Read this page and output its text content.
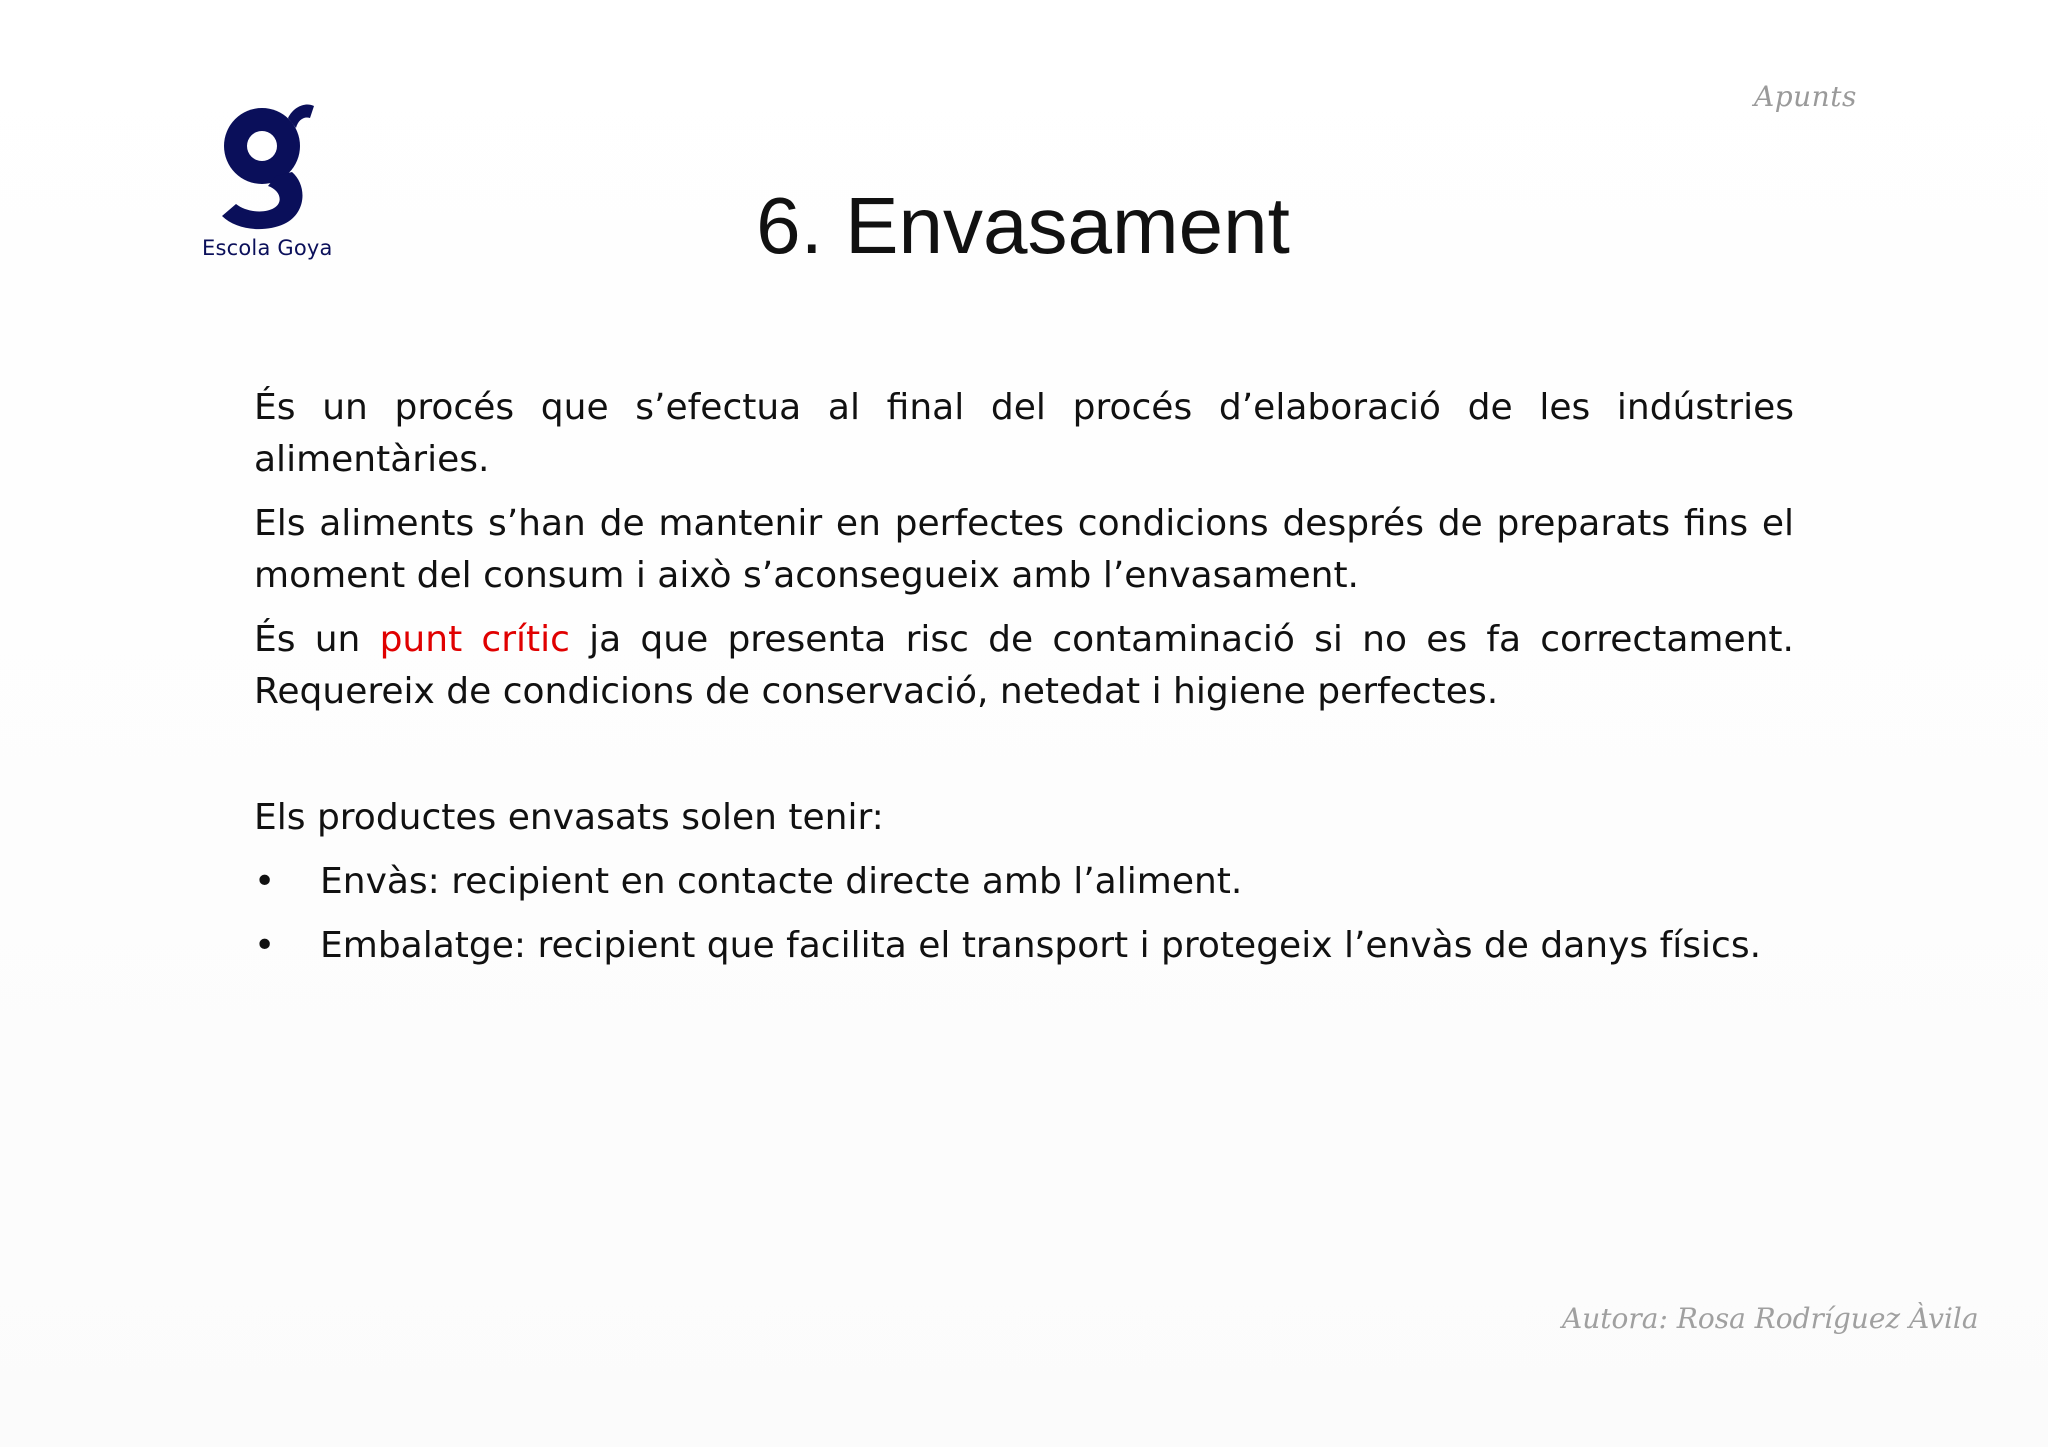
Escola Goya
Apunts
6. Envasament

És un procés que s’efectua al final del procés d’elaboració de les indústries alimentàries.

Els aliments s’han de mantenir en perfectes condicions després de preparats fins el moment del consum i això s’aconsegueix amb l’envasament.

És un punt crític ja que presenta risc de contaminació si no es fa correctament. Requereix de condicions de conservació, netedat i higiene perfectes.

Els productes envasats solen tenir:

• Envàs: recipient en contacte directe amb l’aliment.
• Embalatge: recipient que facilita el transport i protegeix l’envàs de danys físics.
Autora: Rosa Rodríguez Àvila
